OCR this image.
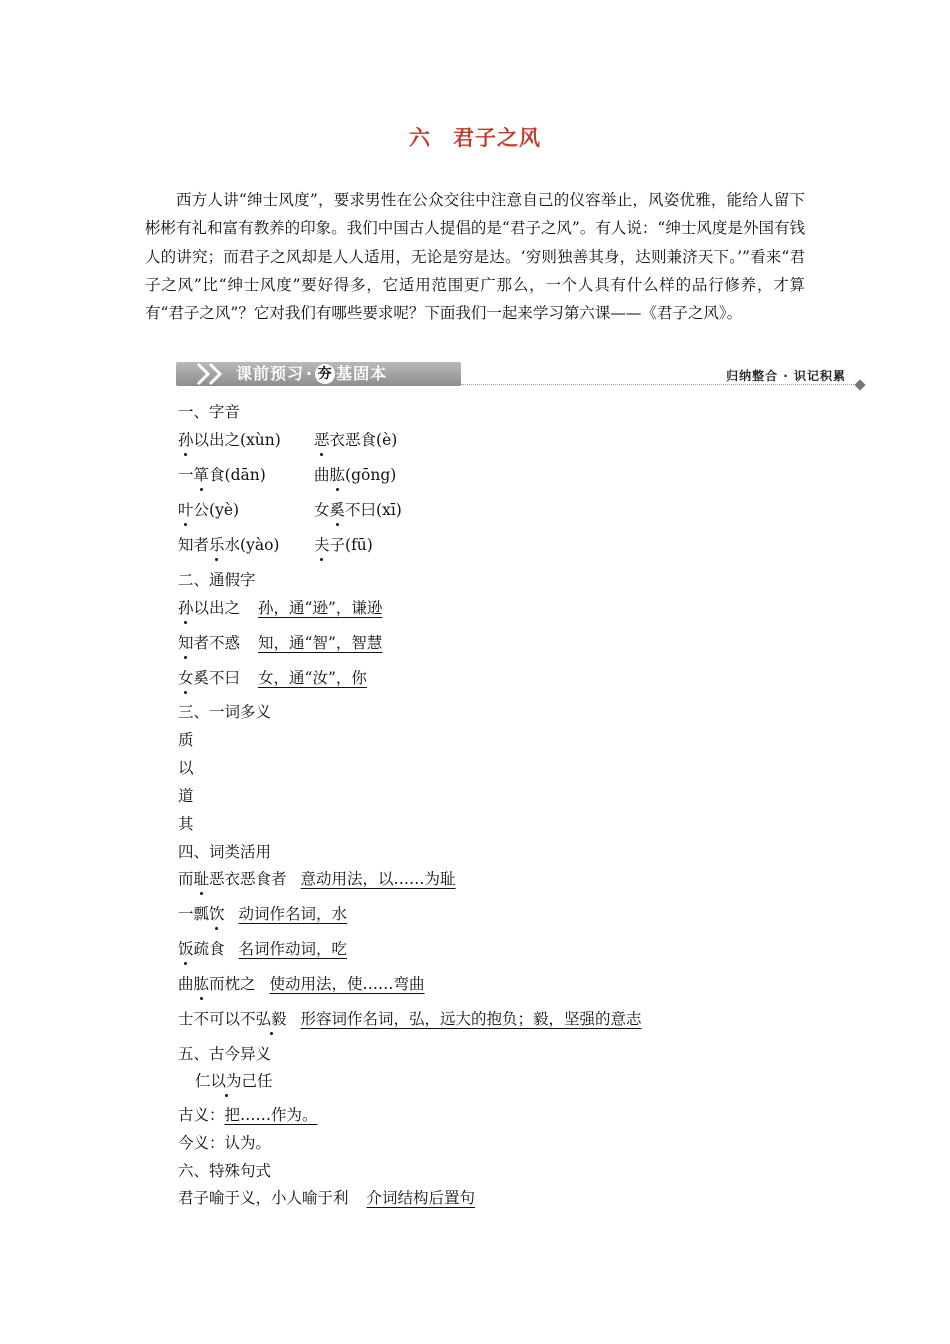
六 君子之风

西方人讲“绅士风度”，要求男性在公众交往中注意自己的仪容举止，风姿优雅，能给人留下彬彬有礼和富有教养的印象。我们中国古人提倡的是“君子之风”。有人说：“绅士风度是外国有钱人的讲究；而君子之风却是人人适用，无论是穷是达。‘穷则独善其身，达则兼济天下。’”看来“君子之风”比“绅士风度”要好得多，它适用范围更广那么，一个人具有什么样的品行修养，才算有“君子之风”？它对我们有哪些要求呢？下面我们一起来学习第六课——《君子之风》。

课前预习 · 夯 基固本	归纳整合 · 识记积累
一、字音
孙以出之(xùn) 恶衣恶食(è)
一箪食(dān)	曲肱(gōng)
叶公(yè)	女奚不曰(xī)
知者乐水(yào) 夫子(fū)
二、通假字
孙以出之 孙，通“逊”，谦逊
知者不惑 知，通“智”，智慧
女奚不曰 女，通“汝”，你
三、一词多义
质
以
道
其
四、词类活用
而耻恶衣恶食者 意动用法，以……为耻
一瓢饮 动词作名词，水
饭疏食 名词作动词，吃
曲肱而枕之 使动用法，使……弯曲
士不可以不弘毅 形容词作名词，弘，远大的抱负；毅，坚强的意志
五、古今异义
仁以为己任
古义：把……作为。
今义：认为。
六、特殊句式
君子喻于义，小人喻于利 介词结构后置句
